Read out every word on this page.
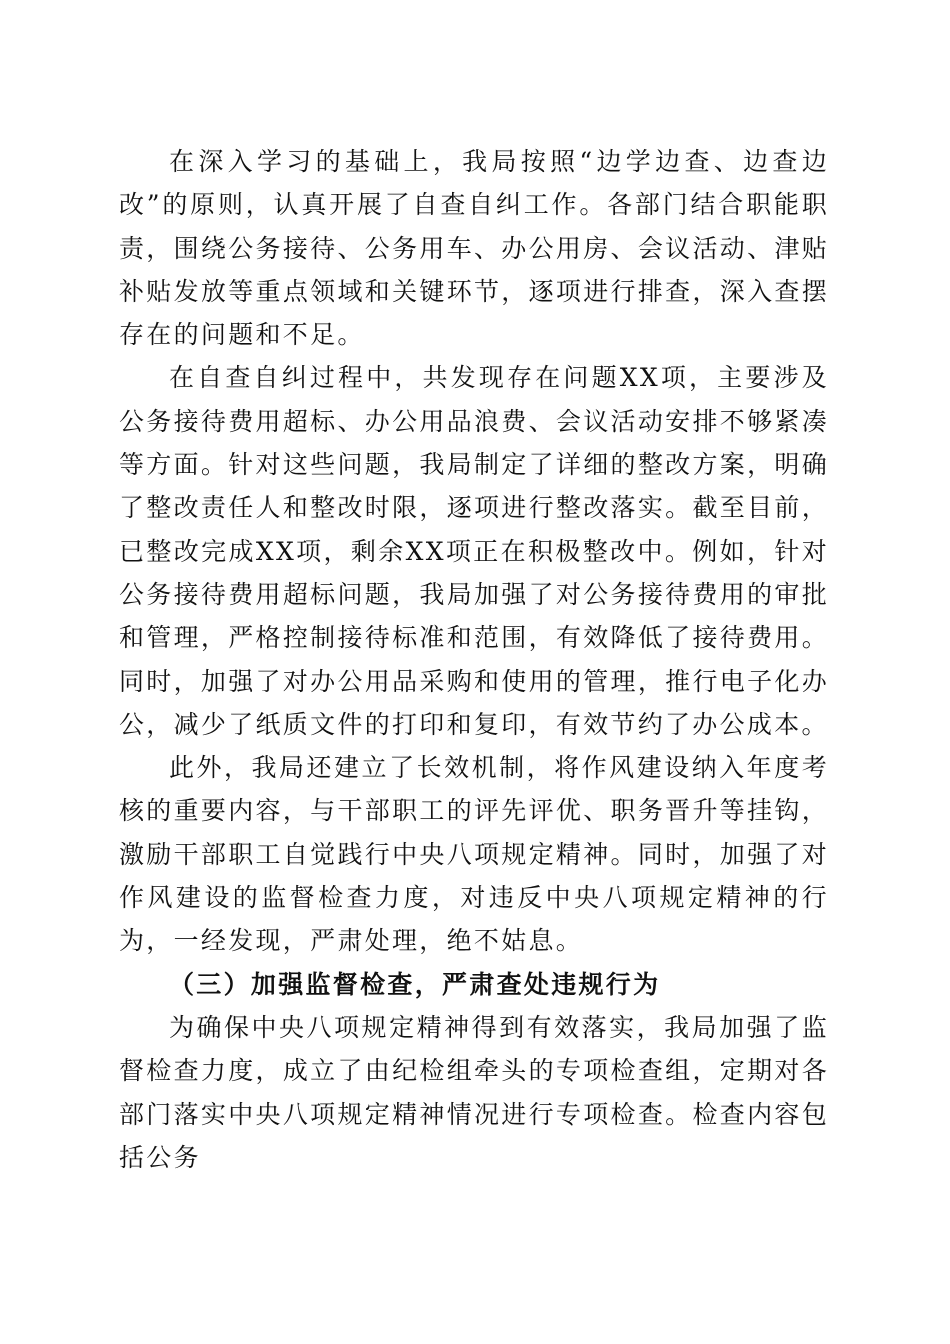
在深入学习的基础上，我局按照“边学边查、边查边改”的原则，认真开展了自查自纠工作。各部门结合职能职责，围绕公务接待、公务用车、办公用房、会议活动、津贴补贴发放等重点领域和关键环节，逐项进行排查，深入查摆存在的问题和不足。

在自查自纠过程中，共发现存在问题XX项，主要涉及公务接待费用超标、办公用品浪费、会议活动安排不够紧凑等方面。针对这些问题，我局制定了详细的整改方案，明确了整改责任人和整改时限，逐项进行整改落实。截至目前，已整改完成XX项，剩余XX项正在积极整改中。例如，针对公务接待费用超标问题，我局加强了对公务接待费用的审批和管理，严格控制接待标准和范围，有效降低了接待费用。同时，加强了对办公用品采购和使用的管理，推行电子化办公，减少了纸质文件的打印和复印，有效节约了办公成本。

此外，我局还建立了长效机制，将作风建设纳入年度考核的重要内容，与干部职工的评先评优、职务晋升等挂钩，激励干部职工自觉践行中央八项规定精神。同时，加强了对作风建设的监督检查力度，对违反中央八项规定精神的行为，一经发现，严肃处理，绝不姑息。

（三）加强监督检查，严肃查处违规行为

为确保中央八项规定精神得到有效落实，我局加强了监督检查力度，成立了由纪检组牵头的专项检查组，定期对各部门落实中央八项规定精神情况进行专项检查。检查内容包括公务
